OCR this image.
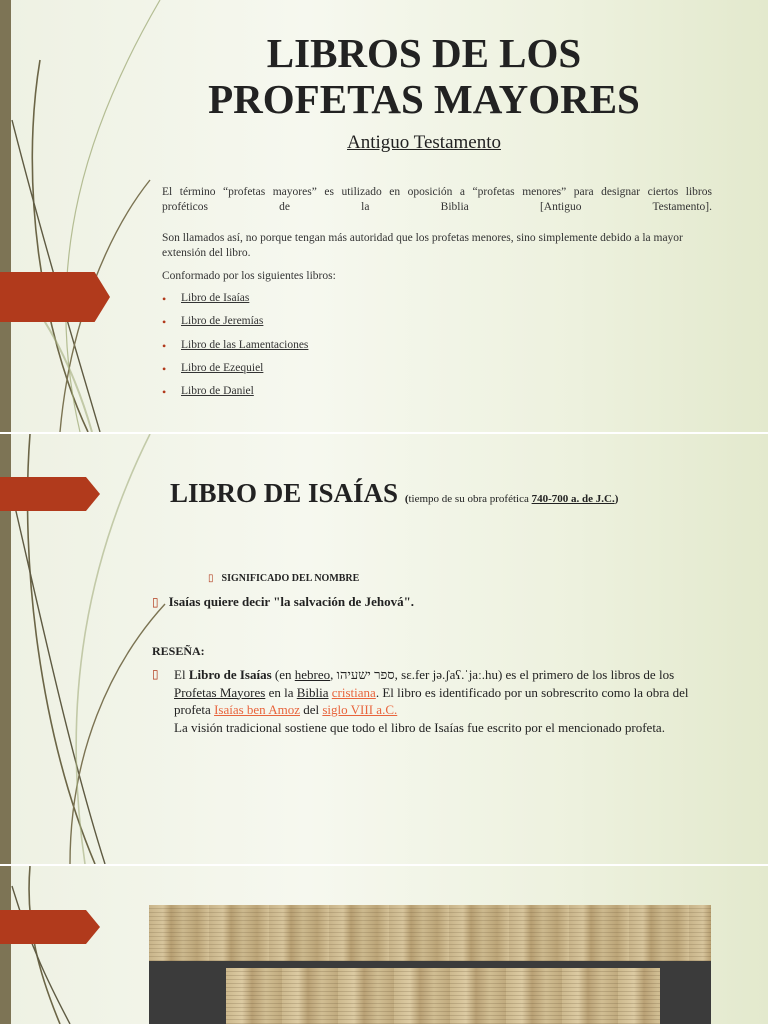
LIBROS DE LOS
PROFETAS MAYORES
Antiguo Testamento
El término “profetas mayores” es utilizado en oposición a “profetas menores” para designar ciertos libros
proféticos de la Biblia [Antiguo Testamento].
Son llamados así, no porque tengan más autoridad que los profetas menores, sino simplemente debido a la mayor extensión del libro.
Conformado por los siguientes libros:
•	Libro de Isaías
•	Libro de Jeremías
•	Libro de las Lamentaciones
•	Libro de Ezequiel
•	Libro de Daniel
LIBRO DE ISAÍAS (tiempo de su obra profética 740-700 a. de J.C.)
▯ SIGNIFICADO DEL NOMBRE
▯ Isaías quiere decir "la salvación de Jehová".
RESEÑA:
▯ El Libro de Isaías (en hebreo, ספר ישעיהו, sɛ.fer jə.ʃaʕ.ˈjaː.hu) es el primero de los libros de los Profetas Mayores en la Biblia cristiana. El libro es identificado por un sobrescrito como la obra del profeta Isaías ben Amoz del siglo VIII a.C.
La visión tradicional sostiene que todo el libro de Isaías fue escrito por el mencionado profeta.
